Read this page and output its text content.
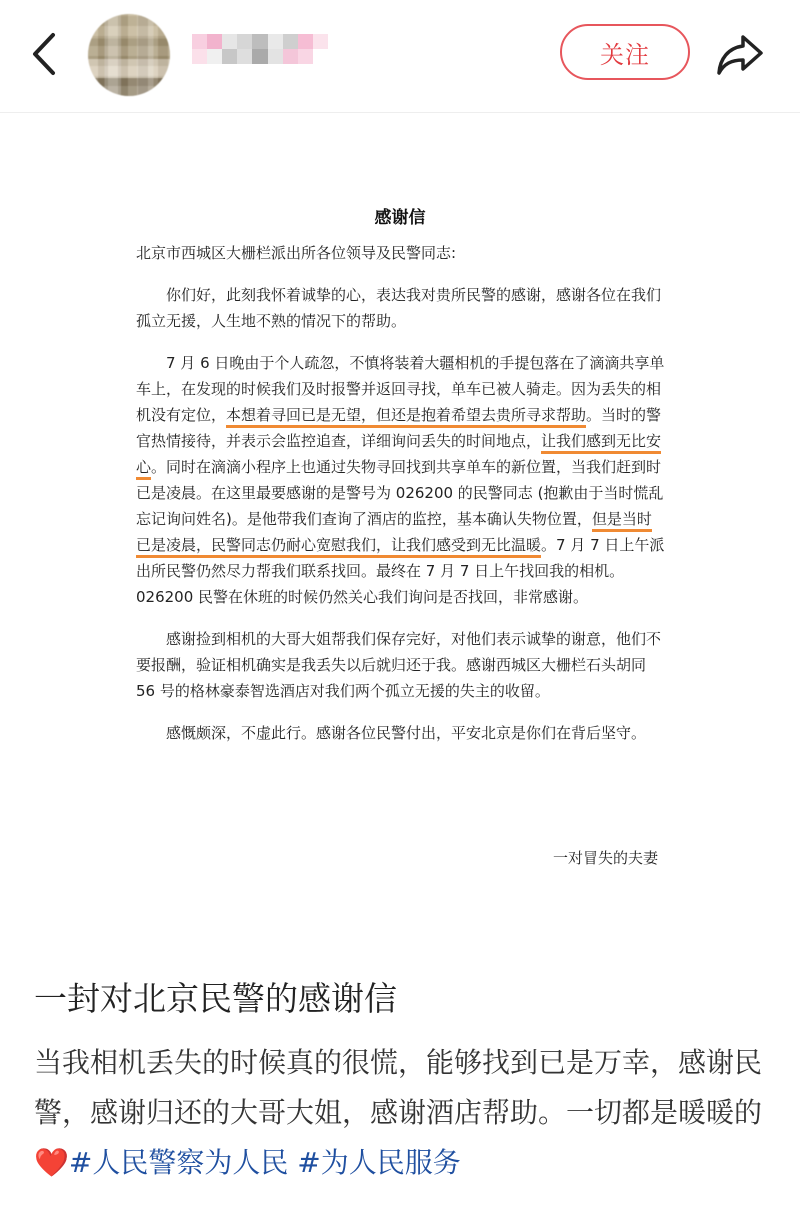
关注
感谢信

北京市西城区大栅栏派出所各位领导及民警同志:

你们好，此刻我怀着诚挚的心，表达我对贵所民警的感谢，感谢各位在我们孤立无援，人生地不熟的情况下的帮助。

7 月 6 日晚由于个人疏忽，不慎将装着大疆相机的手提包落在了滴滴共享单车上，在发现的时候我们及时报警并返回寻找，单车已被人骑走。因为丢失的相机没有定位，本想着寻回已是无望，但还是抱着希望去贵所寻求帮助。当时的警官热情接待，并表示会监控追查，详细询问丢失的时间地点，让我们感到无比安心。同时在滴滴小程序上也通过失物寻回找到共享单车的新位置，当我们赶到时已是凌晨。在这里最要感谢的是警号为 026200 的民警同志 (抱歉由于当时慌乱忘记询问姓名)。是他带我们查询了酒店的监控，基本确认失物位置，但是当时已是凌晨，民警同志仍耐心宽慰我们，让我们感受到无比温暖。7 月 7 日上午派出所民警仍然尽力帮我们联系找回。最终在 7 月 7 日上午找回我的相机。026200 民警在休班的时候仍然关心我们询问是否找回，非常感谢。

感谢捡到相机的大哥大姐帮我们保存完好，对他们表示诚挚的谢意，他们不要报酬，验证相机确实是我丢失以后就归还于我。感谢西城区大栅栏石头胡同 56 号的格林豪泰智选酒店对我们两个孤立无援的失主的收留。

感慨颇深，不虚此行。感谢各位民警付出，平安北京是你们在背后坚守。

一对冒失的夫妻
一封对北京民警的感谢信
当我相机丢失的时候真的很慌，能够找到已是万幸，感谢民警，感谢归还的大哥大姐，感谢酒店帮助。一切都是暖暖的❤️#人民警察为人民 #为人民服务
